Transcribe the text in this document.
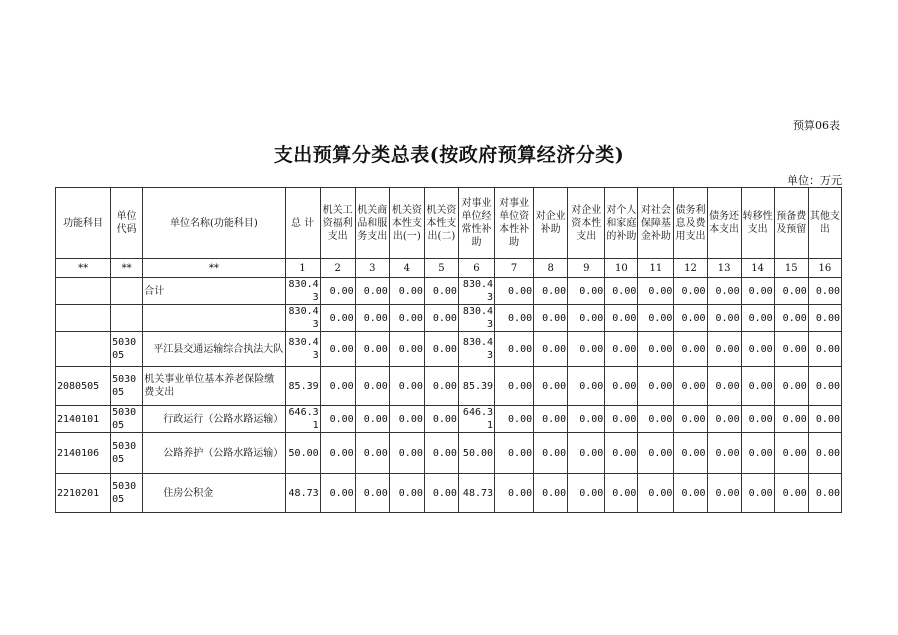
预算06表
支出预算分类总表(按政府预算经济分类)
单位：万元
功能科目	单位代码	单位名称(功能科目)	总 计	机关工资福利支出	机关商品和服务支出	机关资本性支出(一)	机关资本性支出(二)	对事业单位经常性补助	对事业单位资本性补助	对企业补助	对企业资本性支出	对个人和家庭的补助	对社会保障基金补助	债务利息及费用支出	债务还本支出	转移性支出	预备费及预留	其他支出
**	**	**	1	2	3	4	5	6	7	8	9	10	11	12	13	14	15	16
		合计	830.43	0.00	0.00	0.00	0.00	830.43	0.00	0.00	0.00	0.00	0.00	0.00	0.00	0.00	0.00	0.00
			830.43	0.00	0.00	0.00	0.00	830.43	0.00	0.00	0.00	0.00	0.00	0.00	0.00	0.00	0.00	0.00
	503005	平江县交通运输综合执法大队	830.43	0.00	0.00	0.00	0.00	830.43	0.00	0.00	0.00	0.00	0.00	0.00	0.00	0.00	0.00	0.00
2080505	503005	机关事业单位基本养老保险缴费支出	85.39	0.00	0.00	0.00	0.00	85.39	0.00	0.00	0.00	0.00	0.00	0.00	0.00	0.00	0.00	0.00
2140101	503005	行政运行（公路水路运输）	646.31	0.00	0.00	0.00	0.00	646.31	0.00	0.00	0.00	0.00	0.00	0.00	0.00	0.00	0.00	0.00
2140106	503005	公路养护（公路水路运输）	50.00	0.00	0.00	0.00	0.00	50.00	0.00	0.00	0.00	0.00	0.00	0.00	0.00	0.00	0.00	0.00
2210201	503005	住房公积金	48.73	0.00	0.00	0.00	0.00	48.73	0.00	0.00	0.00	0.00	0.00	0.00	0.00	0.00	0.00	0.00
